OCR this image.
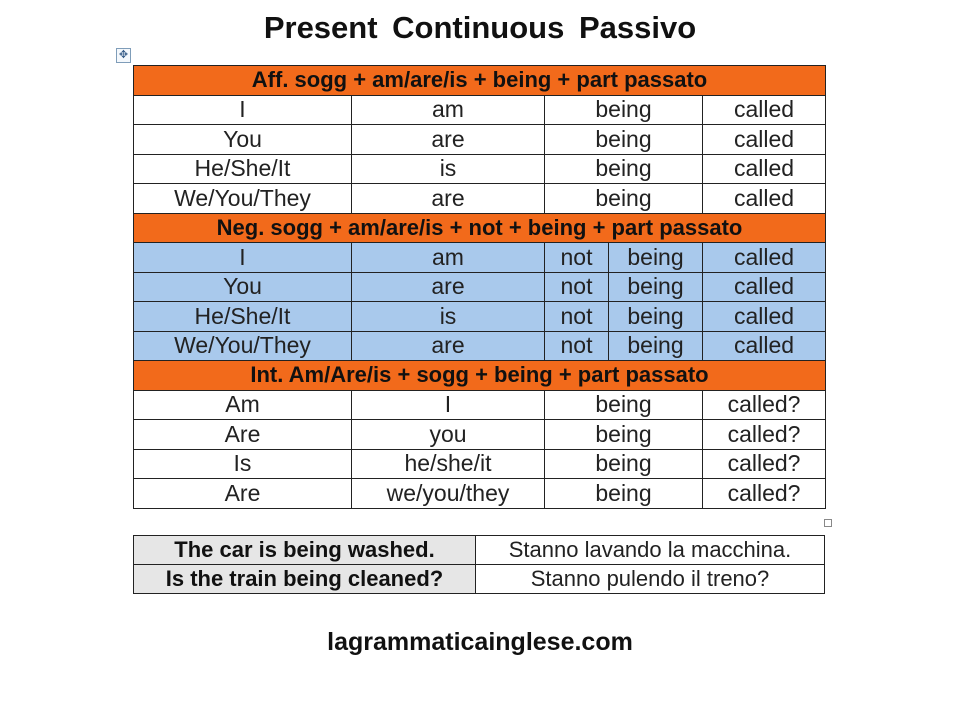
Present Continuous Passivo
✥
Aff. sogg + am/are/is + being + part passato				
I	am	being		called
You	are	being		called
He/She/It	is	being		called
We/You/They	are	being		called
Neg. sogg + am/are/is + not + being + part passato				
I	am	not	being	called
You	are	not	being	called
He/She/It	is	not	being	called
We/You/They	are	not	being	called
Int. Am/Are/is + sogg + being + part passato				
Am	I	being		called?
Are	you	being		called?
Is	he/she/it	being		called?
Are	we/you/they	being		called?
The car is being washed.	Stanno lavando la macchina.
Is the train being cleaned?	Stanno pulendo il treno?
lagrammaticainglese.com
